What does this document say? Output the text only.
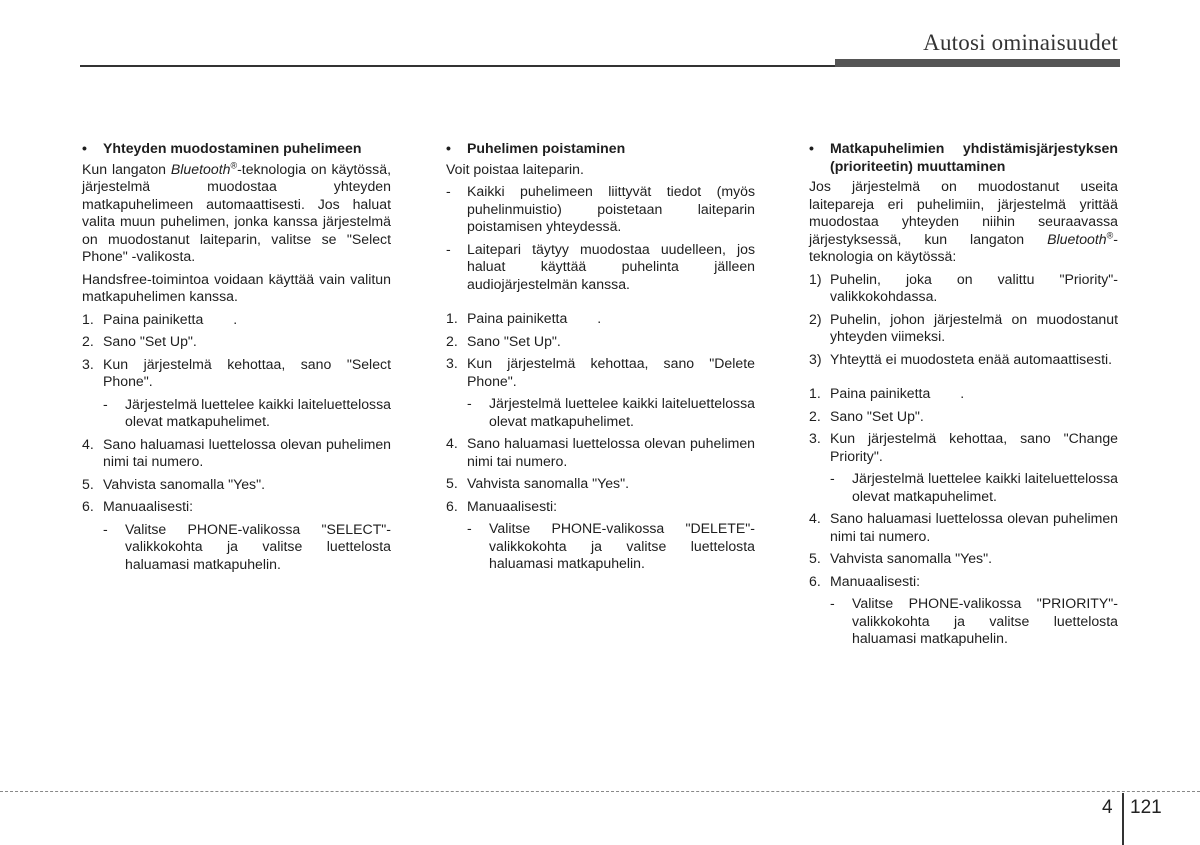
Autosi ominaisuudet
• Yhteyden muodostaminen puhelimeen

Kun langaton Bluetooth®-teknologia on käytössä, järjestelmä muodostaa yhteyden matkapuhelimeen automaattisesti. Jos haluat valita muun puhelimen, jonka kanssa järjestelmä on muodostanut laiteparin, valitse se "Select Phone" -valikosta.

Handsfree-toimintoa voidaan käyttää vain valitun matkapuhelimen kanssa.

1. Paina painiketta .
2. Sano "Set Up".
3. Kun järjestelmä kehottaa, sano "Select Phone".
- Järjestelmä luettelee kaikki laiteluettelossa olevat matkapuhelimet.
4. Sano haluamasi luettelossa olevan puhelimen nimi tai numero.
5. Vahvista sanomalla "Yes".
6. Manuaalisesti:
- Valitse PHONE-valikossa "SELECT"-valikkokohta ja valitse luettelosta haluamasi matkapuhelin.
• Puhelimen poistaminen

Voit poistaa laiteparin.

- Kaikki puhelimeen liittyvät tiedot (myös puhelinmuistio) poistetaan laiteparin poistamisen yhteydessä.
- Laitepari täytyy muodostaa uudelleen, jos haluat käyttää puhelinta jälleen audiojärjestelmän kanssa.
1. Paina painiketta .
2. Sano "Set Up".
3. Kun järjestelmä kehottaa, sano "Delete Phone".
- Järjestelmä luettelee kaikki laiteluettelossa olevat matkapuhelimet.
4. Sano haluamasi luettelossa olevan puhelimen nimi tai numero.
5. Vahvista sanomalla "Yes".
6. Manuaalisesti:
- Valitse PHONE-valikossa "DELETE"-valikkokohta ja valitse luettelosta haluamasi matkapuhelin.
• Matkapuhelimien yhdistämisjärjestyksen (prioriteetin) muuttaminen

Jos järjestelmä on muodostanut useita laitepareja eri puhelimiin, järjestelmä yrittää muodostaa yhteyden niihin seuraavassa järjestyksessä, kun langaton Bluetooth®-teknologia on käytössä:

1) Puhelin, joka on valittu "Priority"-valikkokohdassa.
2) Puhelin, johon järjestelmä on muodostanut yhteyden viimeksi.
3) Yhteyttä ei muodosteta enää automaattisesti.
1. Paina painiketta .
2. Sano "Set Up".
3. Kun järjestelmä kehottaa, sano "Change Priority".
- Järjestelmä luettelee kaikki laiteluettelossa olevat matkapuhelimet.
4. Sano haluamasi luettelossa olevan puhelimen nimi tai numero.
5. Vahvista sanomalla "Yes".
6. Manuaalisesti:
- Valitse PHONE-valikossa "PRIORITY"-valikkokohta ja valitse luettelosta haluamasi matkapuhelin.
4 121
